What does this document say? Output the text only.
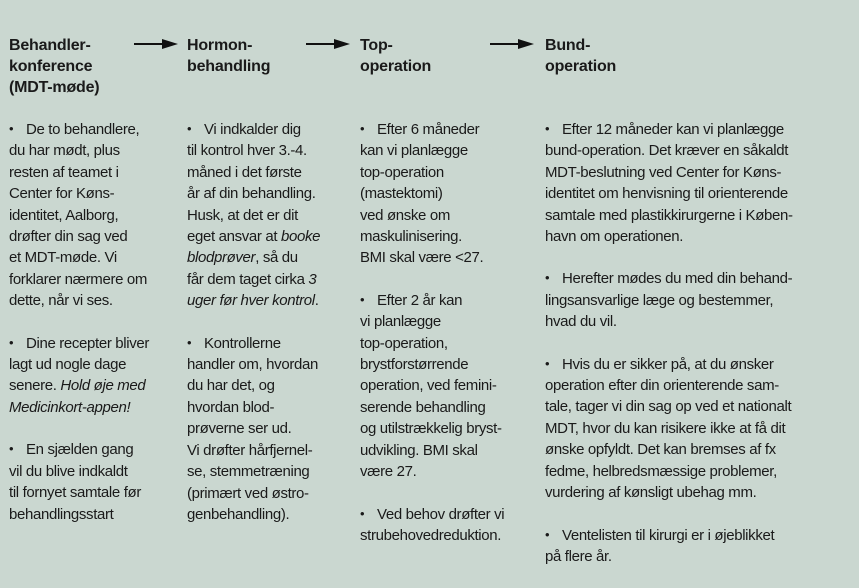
Behandler-
konference
(MDT-møde)

• De to behandlere,
du har mødt, plus
resten af teamet i
Center for Køns-
identitet, Aalborg,
drøfter din sag ved
et MDT-møde. Vi
forklarer nærmere om
dette, når vi ses.

• Dine recepter bliver
lagt ud nogle dage
senere. Hold øje med
Medicinkort-appen!

• En sjælden gang
vil du blive indkaldt
til fornyet samtale før
behandlingsstart

Hormon-
behandling

• Vi indkalder dig
til kontrol hver 3.-4.
måned i det første
år af din behandling.
Husk, at det er dit
eget ansvar at booke
blodprøver, så du
får dem taget cirka 3
uger før hver kontrol.

• Kontrollerne
handler om, hvordan
du har det, og
hvordan blod-
prøverne ser ud.
Vi drøfter hårfjernel-
se, stemmetræning
(primært ved østro-
genbehandling).

Top-
operation

• Efter 6 måneder
kan vi planlægge
top-operation
(mastektomi)
ved ønske om
maskulinisering.
BMI skal være <27.

• Efter 2 år kan
vi planlægge
top-operation,
brystforstørrende
operation, ved femini-
serende behandling
og utilstrækkelig bryst-
udvikling. BMI skal
være 27.

• Ved behov drøfter vi
strubehovedreduktion.

Bund-
operation

• Efter 12 måneder kan vi planlægge
bund-operation. Det kræver en såkaldt
MDT-beslutning ved Center for Køns-
identitet om henvisning til orienterende
samtale med plastikkirurgerne i Køben-
havn om operationen.

• Herefter mødes du med din behand-
lingsansvarlige læge og bestemmer,
hvad du vil.

• Hvis du er sikker på, at du ønsker
operation efter din orienterende sam-
tale, tager vi din sag op ved et nationalt
MDT, hvor du kan risikere ikke at få dit
ønske opfyldt. Det kan bremses af fx
fedme, helbredsmæssige problemer,
vurdering af kønsligt ubehag mm.

• Ventelisten til kirurgi er i øjeblikket
på flere år.
